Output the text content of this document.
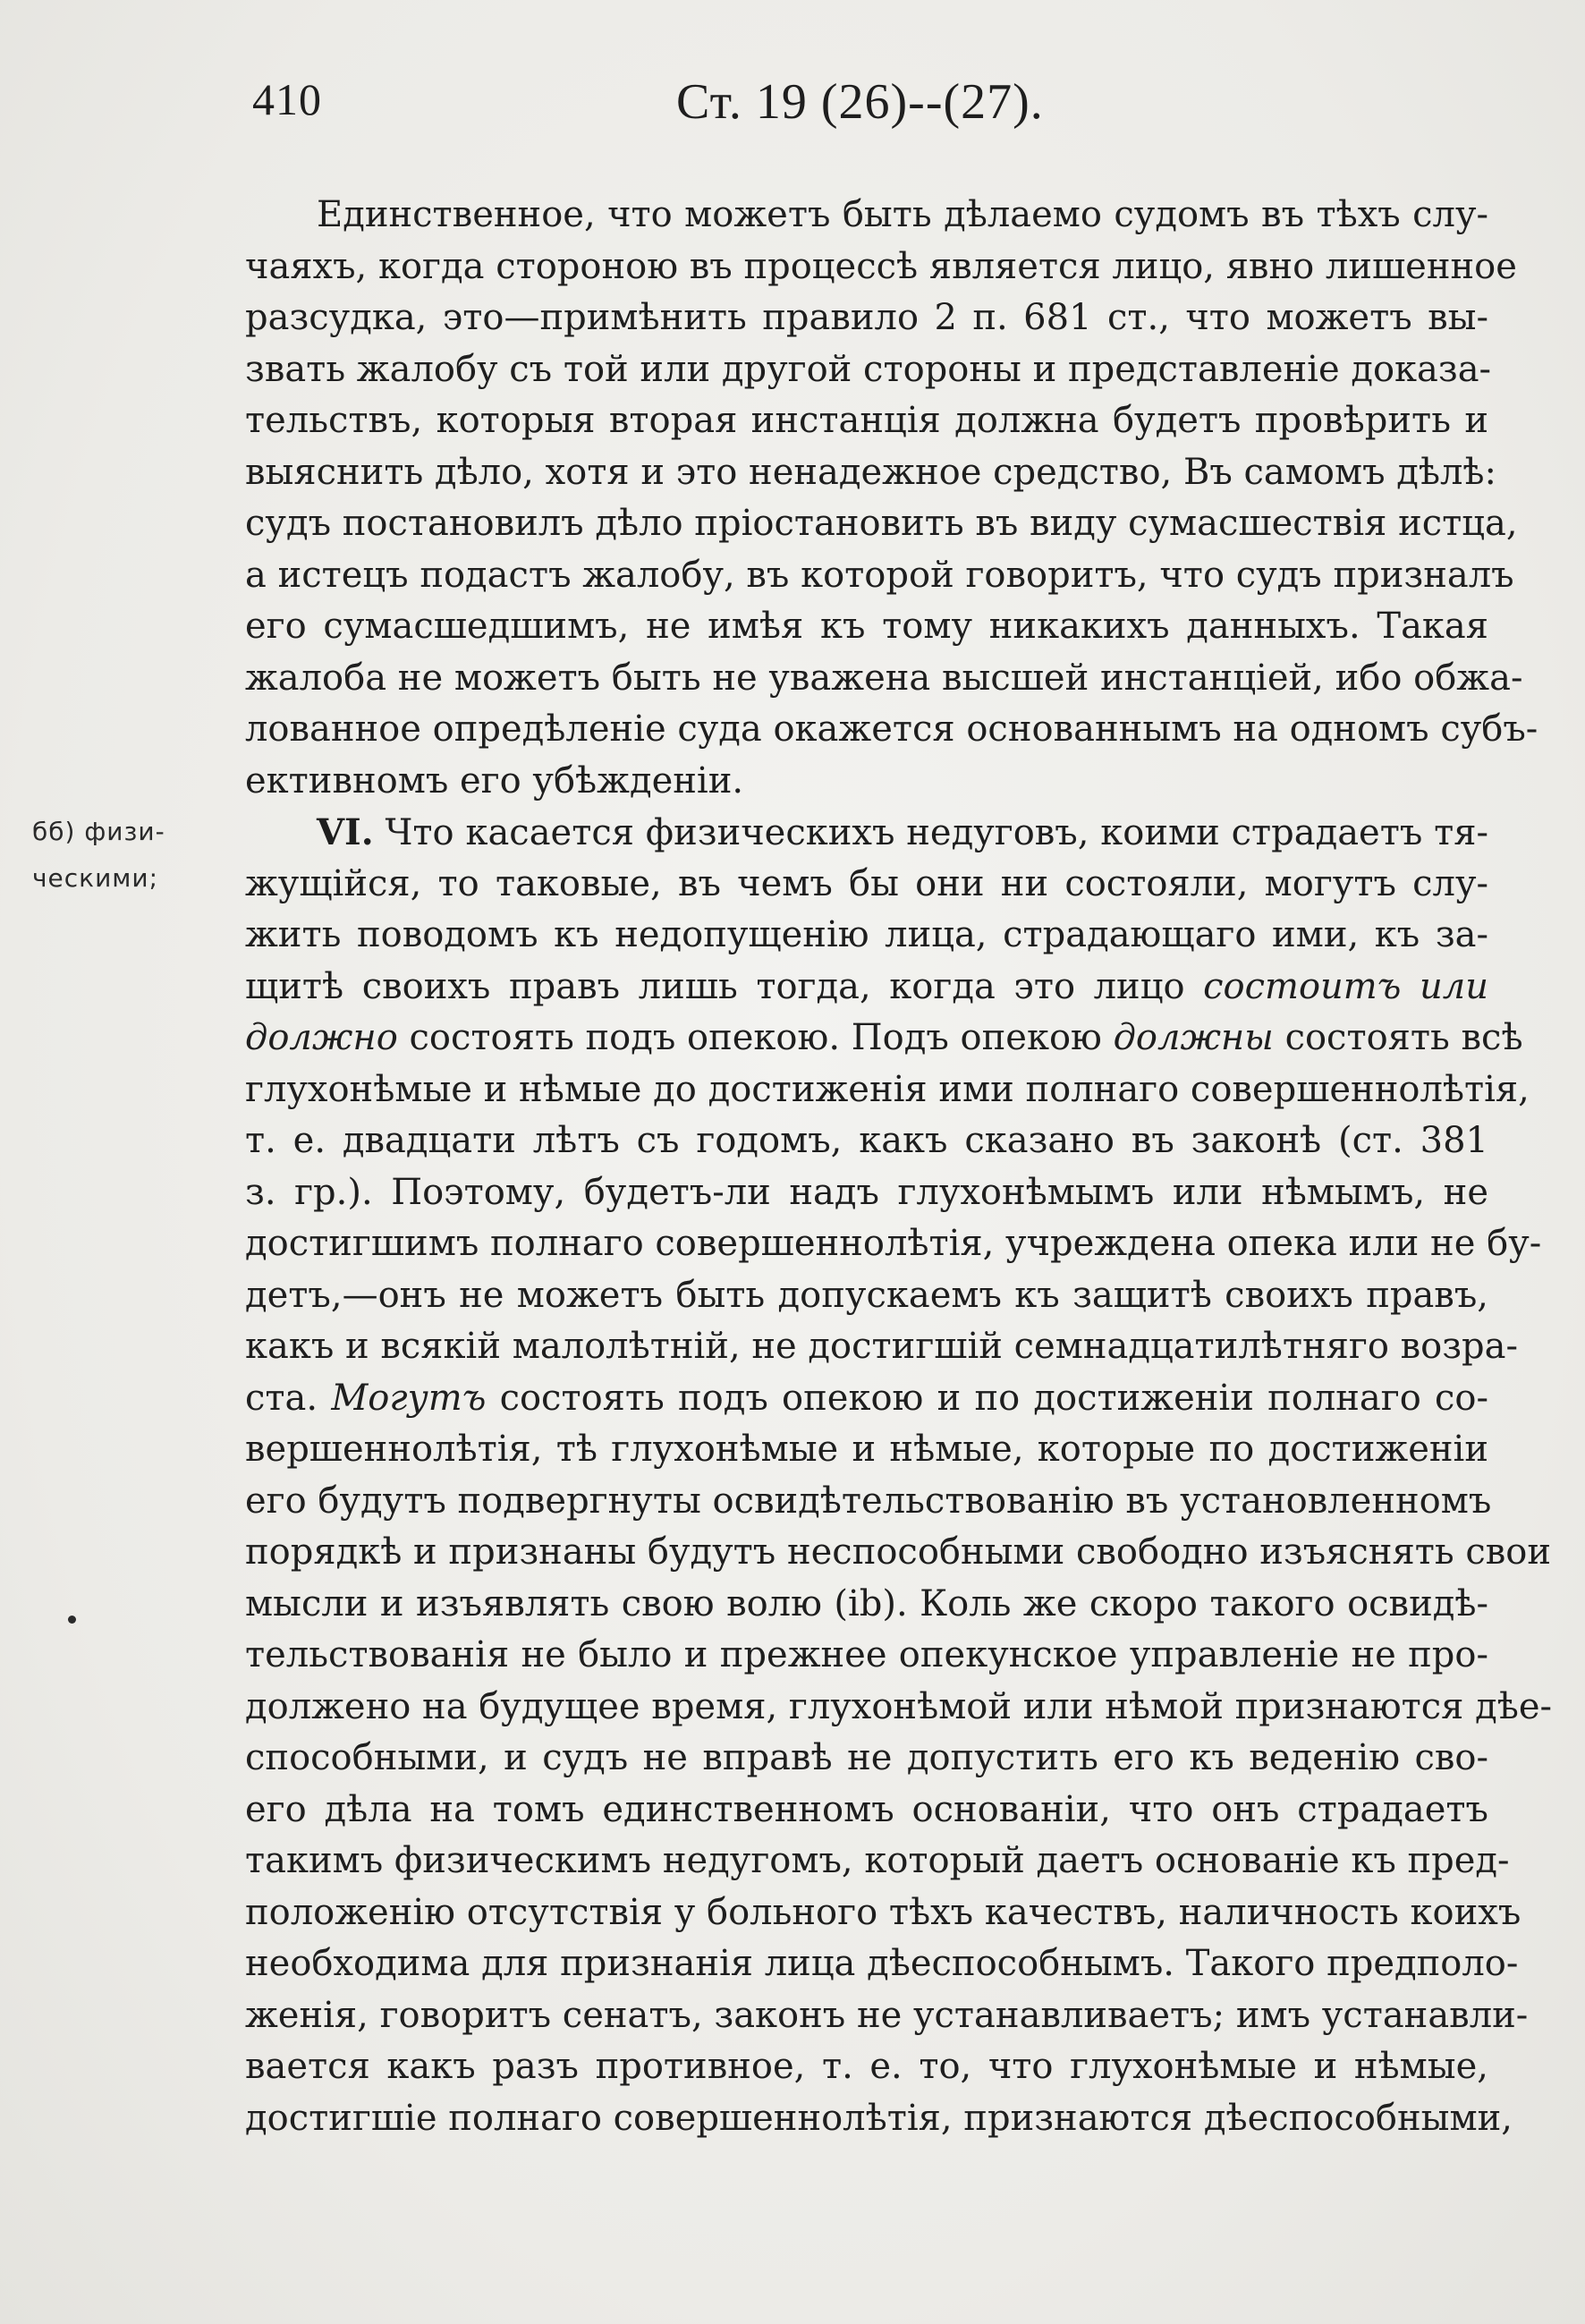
410	Ст. 19 (26)--(27).
бб) физи-
ческими;
Единственное, что можетъ быть дѣлаемо судомъ въ тѣхъ слу-
чаяхъ, когда стороною въ процессѣ является лицо, явно лишенное
разсудка, это—примѣнить правило 2 п. 681 ст., что можетъ вы-
звать жалобу съ той или другой стороны и представленіе доказа-
тельствъ, которыя вторая инстанція должна будетъ провѣрить и
выяснить дѣло, хотя и это ненадежное средство, Въ самомъ дѣлѣ:
судъ постановилъ дѣло пріостановить въ виду сумасшествія истца,
а истецъ подастъ жалобу, въ которой говоритъ, что судъ призналъ
его сумасшедшимъ, не имѣя къ тому никакихъ данныхъ. Такая
жалоба не можетъ быть не уважена высшей инстанціей, ибо обжа-
лованное опредѣленіе суда окажется основаннымъ на одномъ субъ-
ективномъ его убѣжденіи.
VI. Что касается физическихъ недуговъ, коими страдаетъ тя-
жущійся, то таковые, въ чемъ бы они ни состояли, могутъ слу-
жить поводомъ къ недопущенію лица, страдающаго ими, къ за-
щитѣ своихъ правъ лишь тогда, когда это лицо состоитъ или
должно состоять подъ опекою. Подъ опекою должны состоять всѣ
глухонѣмые и нѣмые до достиженія ими полнаго совершеннолѣтія,
т. е. двадцати лѣтъ съ годомъ, какъ сказано въ законѣ (ст. 381
з. гр.). Поэтому, будетъ-ли надъ глухонѣмымъ или нѣмымъ, не
достигшимъ полнаго совершеннолѣтія, учреждена опека или не бу-
детъ,—онъ не можетъ быть допускаемъ къ защитѣ своихъ правъ,
какъ и всякій малолѣтній, не достигшій семнадцатилѣтняго возра-
ста. Могутъ состоять подъ опекою и по достиженіи полнаго со-
вершеннолѣтія, тѣ глухонѣмые и нѣмые, которые по достиженіи
его будутъ подвергнуты освидѣтельствованію въ установленномъ
порядкѣ и признаны будутъ неспособными свободно изъяснять свои
мысли и изъявлять свою волю (ib). Коль же скоро такого освидѣ-
тельствованія не было и прежнее опекунское управленіе не про-
должено на будущее время, глухонѣмой или нѣмой признаются дѣе-
способными, и судъ не вправѣ не допустить его къ веденію сво-
его дѣла на томъ единственномъ основаніи, что онъ страдаетъ
такимъ физическимъ недугомъ, который даетъ основаніе къ пред-
положенію отсутствія у больного тѣхъ качествъ, наличность коихъ
необходима для признанія лица дѣеспособнымъ. Такого предполо-
женія, говоритъ сенатъ, законъ не устанавливаетъ; имъ устанавли-
вается какъ разъ противное, т. е. то, что глухонѣмые и нѣмые,
достигшіе полнаго совершеннолѣтія, признаются дѣеспособными,
